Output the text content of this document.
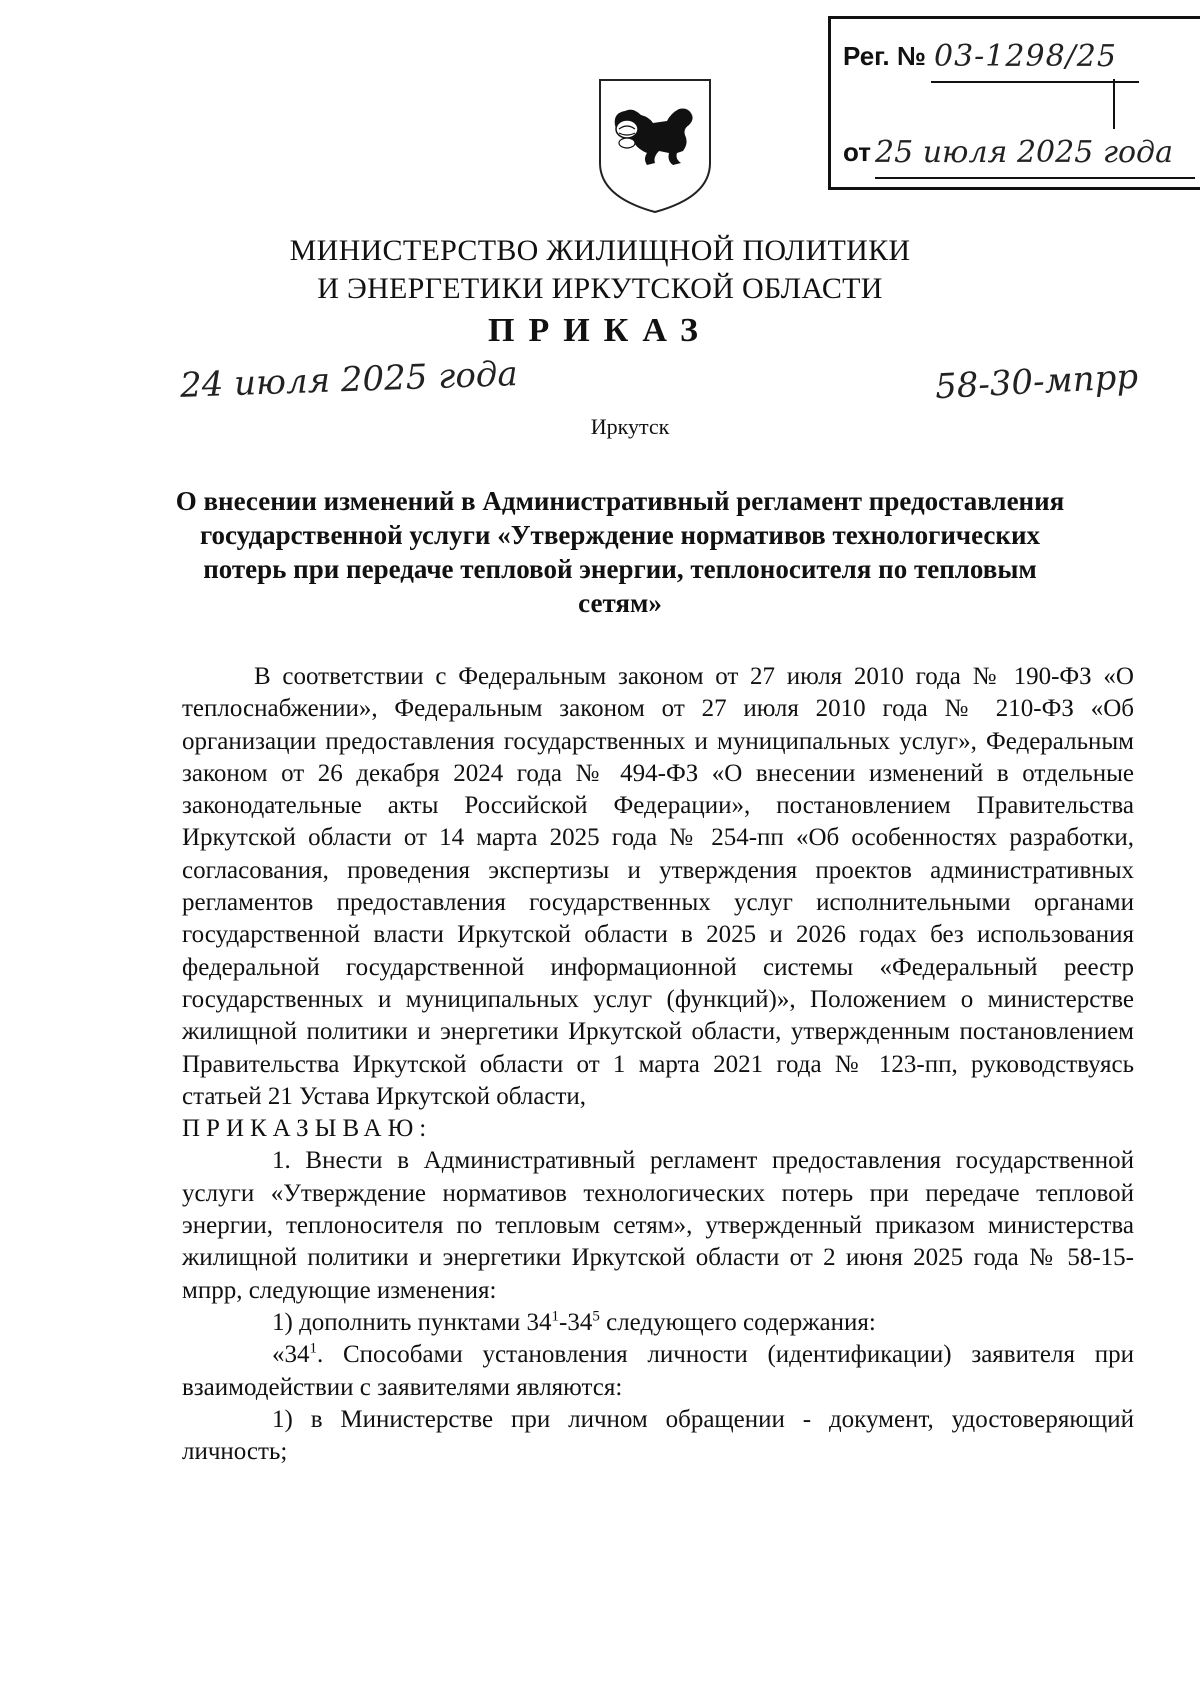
Рег. № 03-1298/25
от 25 июля 2025 года
МИНИСТЕРСТВО ЖИЛИЩНОЙ ПОЛИТИКИ
И ЭНЕРГЕТИКИ ИРКУТСКОЙ ОБЛАСТИ
ПРИКАЗ
24 июля 2025 года	58-30-мпрр
Иркутск
О внесении изменений в Административный регламент предоставления государственной услуги «Утверждение нормативов технологических потерь при передаче тепловой энергии, теплоносителя по тепловым сетям»

В соответствии с Федеральным законом от 27 июля 2010 года № 190-ФЗ «О теплоснабжении», Федеральным законом от 27 июля 2010 года № 210-ФЗ «Об организации предоставления государственных и муниципальных услуг», Федеральным законом от 26 декабря 2024 года № 494-ФЗ «О внесении изменений в отдельные законодательные акты Российской Федерации», постановлением Правительства Иркутской области от 14 марта 2025 года № 254-пп «Об особенностях разработки, согласования, проведения экспертизы и утверждения проектов административных регламентов предоставления государственных услуг исполнительными органами государственной власти Иркутской области в 2025 и 2026 годах без использования федеральной государственной информационной системы «Федеральный реестр государственных и муниципальных услуг (функций)», Положением о министерстве жилищной политики и энергетики Иркутской области, утвержденным постановлением Правительства Иркутской области от 1 марта 2021 года № 123-пп, руководствуясь статьей 21 Устава Иркутской области,

ПРИКАЗЫВАЮ:

1. Внести в Административный регламент предоставления государственной услуги «Утверждение нормативов технологических потерь при передаче тепловой энергии, теплоносителя по тепловым сетям», утвержденный приказом министерства жилищной политики и энергетики Иркутской области от 2 июня 2025 года № 58-15-мпрр, следующие изменения:

1) дополнить пунктами $34^1-34^5$ следующего содержания:

«$34^1$. Способами установления личности (идентификации) заявителя при взаимодействии с заявителями являются:

1) в Министерстве при личном обращении - документ, удостоверяющий личность;
